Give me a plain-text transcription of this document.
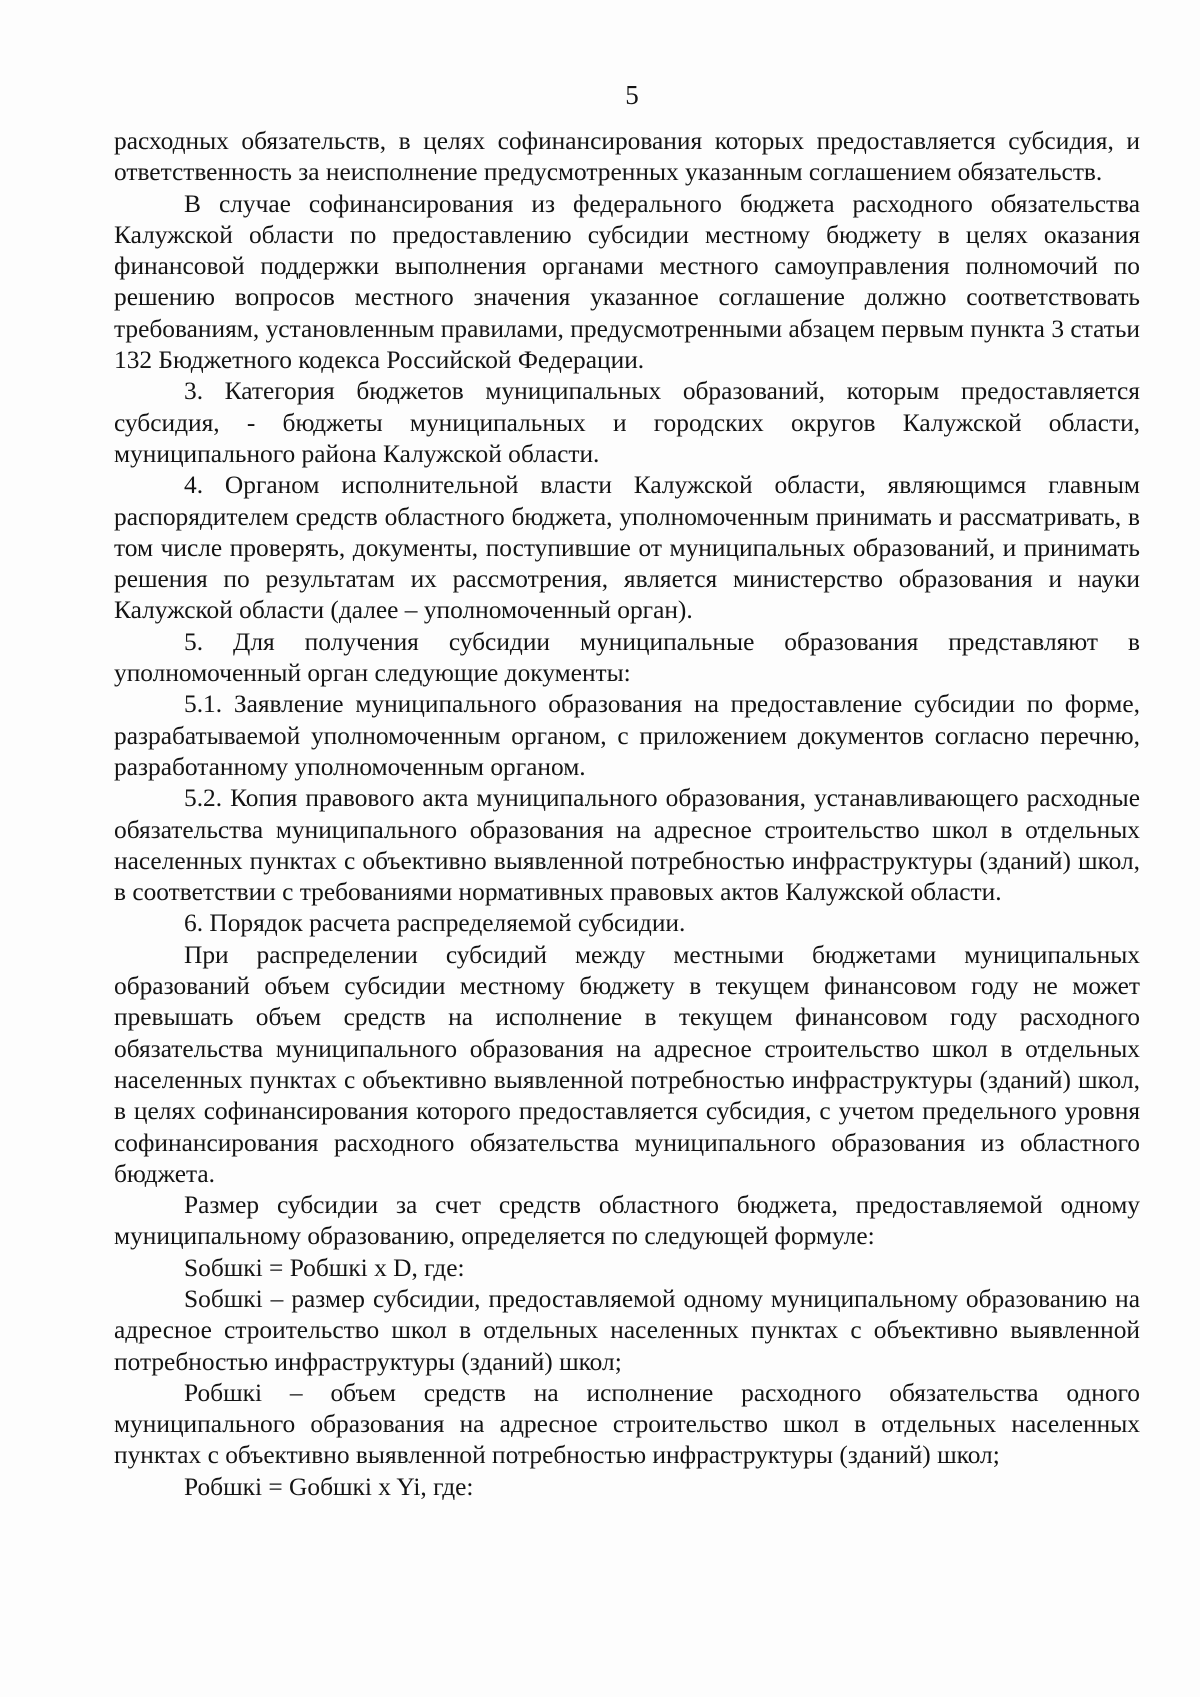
5

расходных обязательств, в целях софинансирования которых предоставляется субсидия, и ответственность за неисполнение предусмотренных указанным соглашением обязательств.

В случае софинансирования из федерального бюджета расходного обязательства Калужской области по предоставлению субсидии местному бюджету в целях оказания финансовой поддержки выполнения органами местного самоуправления полномочий по решению вопросов местного значения указанное соглашение должно соответствовать требованиям, установленным правилами, предусмотренными абзацем первым пункта 3 статьи 132 Бюджетного кодекса Российской Федерации.

3. Категория бюджетов муниципальных образований, которым предоставляется субсидия, - бюджеты муниципальных и городских округов Калужской области, муниципального района Калужской области.

4. Органом исполнительной власти Калужской области, являющимся главным распорядителем средств областного бюджета, уполномоченным принимать и рассматривать, в том числе проверять, документы, поступившие от муниципальных образований, и принимать решения по результатам их рассмотрения, является министерство образования и науки Калужской области (далее – уполномоченный орган).

5. Для получения субсидии муниципальные образования представляют в уполномоченный орган следующие документы:

5.1. Заявление муниципального образования на предоставление субсидии по форме, разрабатываемой уполномоченным органом, с приложением документов согласно перечню, разработанному уполномоченным органом.

5.2. Копия правового акта муниципального образования, устанавливающего расходные обязательства муниципального образования на адресное строительство школ в отдельных населенных пунктах с объективно выявленной потребностью инфраструктуры (зданий) школ, в соответствии с требованиями нормативных правовых актов Калужской области.

6. Порядок расчета распределяемой субсидии.

При распределении субсидий между местными бюджетами муниципальных образований объем субсидии местному бюджету в текущем финансовом году не может превышать объем средств на исполнение в текущем финансовом году расходного обязательства муниципального образования на адресное строительство школ в отдельных населенных пунктах с объективно выявленной потребностью инфраструктуры (зданий) школ, в целях софинансирования которого предоставляется субсидия, с учетом предельного уровня софинансирования расходного обязательства муниципального образования из областного бюджета.

Размер субсидии за счет средств областного бюджета, предоставляемой одному муниципальному образованию, определяется по следующей формуле:

Sобшкi = Робшкi x D, где:

Sобшкi – размер субсидии, предоставляемой одному муниципальному образованию на адресное строительство школ в отдельных населенных пунктах с объективно выявленной потребностью инфраструктуры (зданий) школ;

Робшкi – объем средств на исполнение расходного обязательства одного муниципального образования на адресное строительство школ в отдельных населенных пунктах с объективно выявленной потребностью инфраструктуры (зданий) школ;

Робшкi = Gобшкi x Yi, где:
